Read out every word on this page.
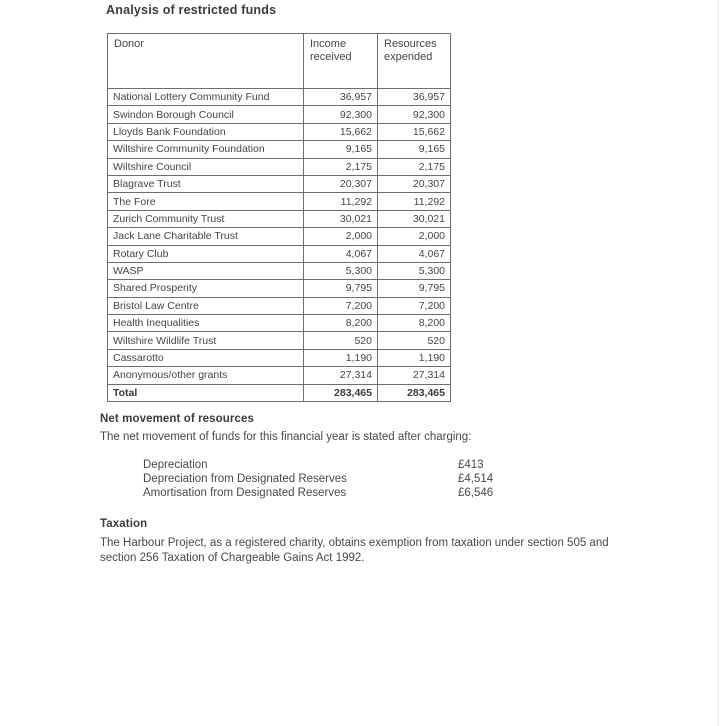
Analysis of restricted funds
Donor	Income received	Resources expended
National Lottery Community Fund	36,957	36,957
Swindon Borough Council	92,300	92,300
Lloyds Bank Foundation	15,662	15,662
Wiltshire Community Foundation	9,165	9,165
Wiltshire Council	2,175	2,175
Blagrave Trust	20,307	20,307
The Fore	11,292	11,292
Zurich Community Trust	30,021	30,021
Jack Lane Charitable Trust	2,000	2,000
Rotary Club	4,067	4,067
WASP	5,300	5,300
Shared Prosperity	9,795	9,795
Bristol Law Centre	7,200	7,200
Health Inequalities	8,200	8,200
Wiltshire Wildlife Trust	520	520
Cassarotto	1,190	1,190
Anonymous/other grants	27,314	27,314
Total	283,465	283,465
Net movement of resources
The net movement of funds for this financial year is stated after charging:
Depreciation	£413
Depreciation from Designated Reserves	£4,514
Amortisation from Designated Reserves	£6,546
Taxation
The Harbour Project, as a registered charity, obtains exemption from taxation under section 505 and section 256 Taxation of Chargeable Gains Act 1992.
